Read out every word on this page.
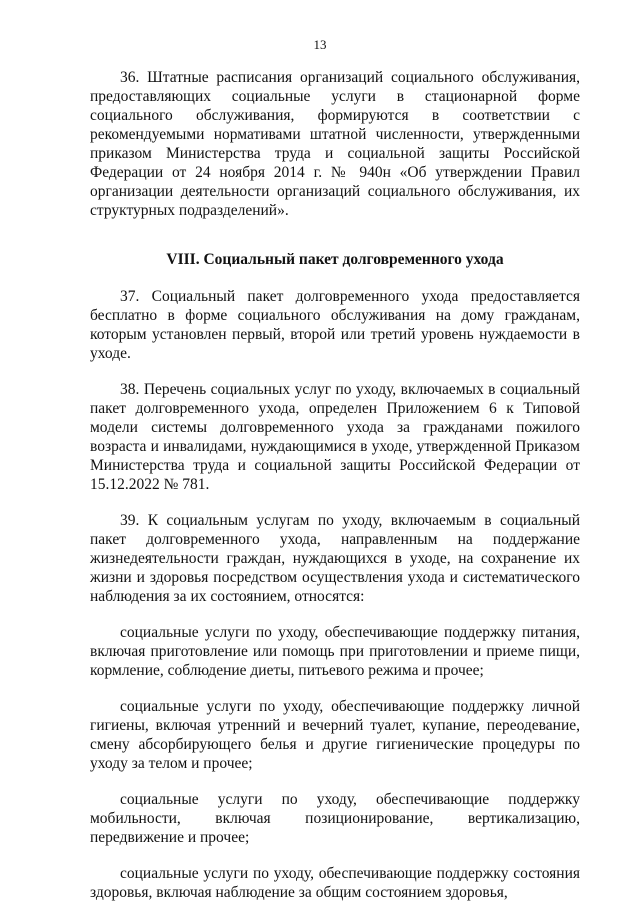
13

36. Штатные расписания организаций социального обслуживания, предоставляющих социальные услуги в стационарной форме социального обслуживания, формируются в соответствии с рекомендуемыми нормативами штатной численности, утвержденными приказом Министерства труда и социальной защиты Российской Федерации от 24 ноября 2014 г. № 940н «Об утверждении Правил организации деятельности организаций социального обслуживания, их структурных подразделений».

VIII. Социальный пакет долговременного ухода

37. Социальный пакет долговременного ухода предоставляется бесплатно в форме социального обслуживания на дому гражданам, которым установлен первый, второй или третий уровень нуждаемости в уходе.

38. Перечень социальных услуг по уходу, включаемых в социальный пакет долговременного ухода, определен Приложением 6 к Типовой модели системы долговременного ухода за гражданами пожилого возраста и инвалидами, нуждающимися в уходе, утвержденной Приказом Министерства труда и социальной защиты Российской Федерации от 15.12.2022 № 781.

39. К социальным услугам по уходу, включаемым в социальный пакет долговременного ухода, направленным на поддержание жизнедеятельности граждан, нуждающихся в уходе, на сохранение их жизни и здоровья посредством осуществления ухода и систематического наблюдения за их состоянием, относятся:

социальные услуги по уходу, обеспечивающие поддержку питания, включая приготовление или помощь при приготовлении и приеме пищи, кормление, соблюдение диеты, питьевого режима и прочее;

социальные услуги по уходу, обеспечивающие поддержку личной гигиены, включая утренний и вечерний туалет, купание, переодевание, смену абсорбирующего белья и другие гигиенические процедуры по уходу за телом и прочее;

социальные услуги по уходу, обеспечивающие поддержку мобильности, включая позиционирование, вертикализацию, передвижение и прочее;

социальные услуги по уходу, обеспечивающие поддержку состояния здоровья, включая наблюдение за общим состоянием здоровья,
